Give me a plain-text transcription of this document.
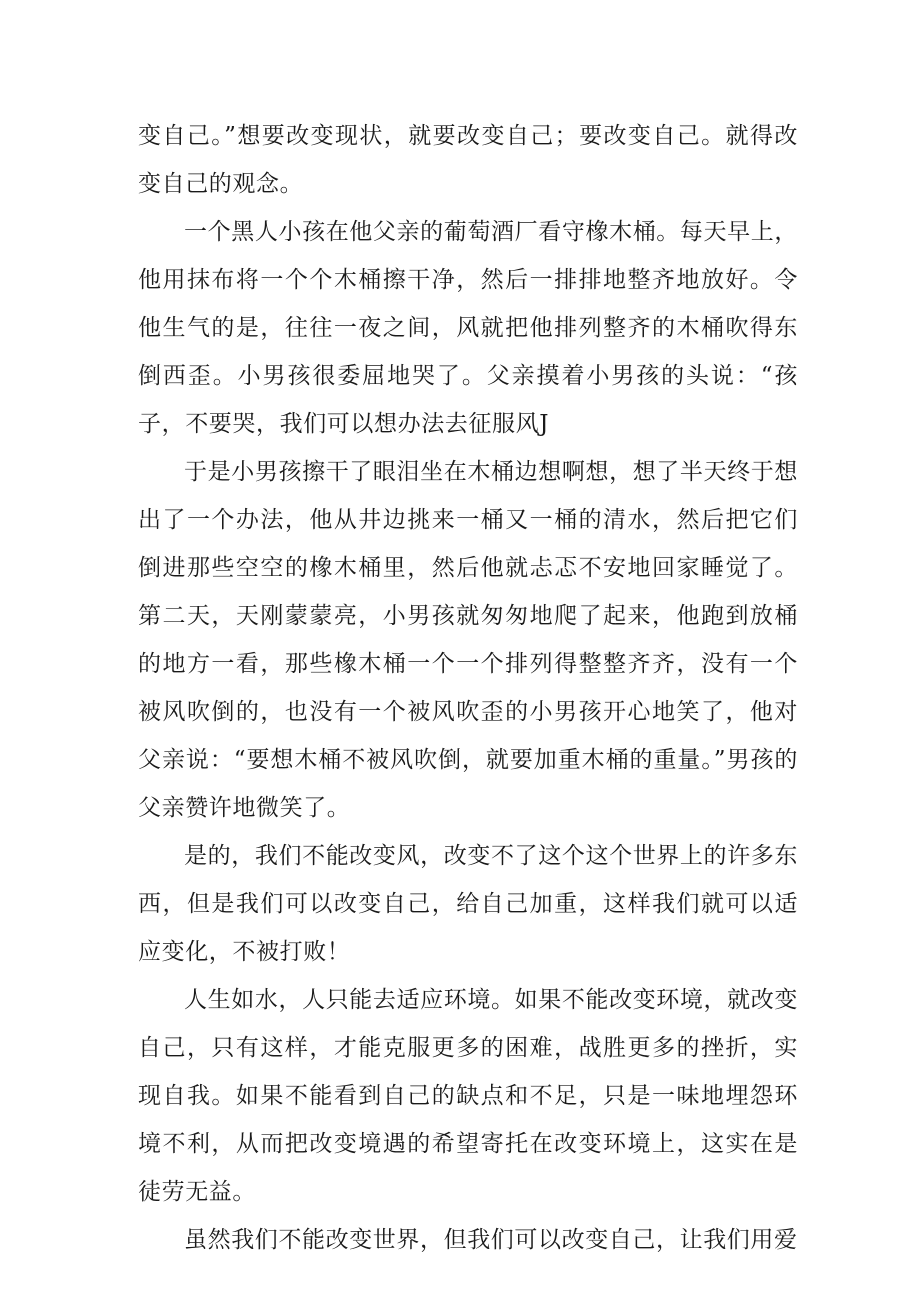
变自己。”想要改变现状，就要改变自己；要改变自己。就得改变自己的观念。

一个黑人小孩在他父亲的葡萄酒厂看守橡木桶。每天早上，他用抹布将一个个木桶擦干净，然后一排排地整齐地放好。令他生气的是，往往一夜之间，风就把他排列整齐的木桶吹得东倒西歪。小男孩很委屈地哭了。父亲摸着小男孩的头说：“孩子，不要哭，我们可以想办法去征服风J

于是小男孩擦干了眼泪坐在木桶边想啊想，想了半天终于想出了一个办法，他从井边挑来一桶又一桶的清水，然后把它们倒进那些空空的橡木桶里，然后他就忐忑不安地回家睡觉了。第二天，天刚蒙蒙亮，小男孩就匆匆地爬了起来，他跑到放桶的地方一看，那些橡木桶一个一个排列得整整齐齐，没有一个被风吹倒的，也没有一个被风吹歪的小男孩开心地笑了，他对父亲说：“要想木桶不被风吹倒，就要加重木桶的重量。”男孩的父亲赞许地微笑了。

是的，我们不能改变风，改变不了这个这个世界上的许多东西，但是我们可以改变自己，给自己加重，这样我们就可以适应变化，不被打败！

人生如水，人只能去适应环境。如果不能改变环境，就改变自己，只有这样，才能克服更多的困难，战胜更多的挫折，实现自我。如果不能看到自己的缺点和不足，只是一味地埋怨环境不利，从而把改变境遇的希望寄托在改变环境上，这实在是徒劳无益。

虽然我们不能改变世界，但我们可以改变自己，让我们用爱
